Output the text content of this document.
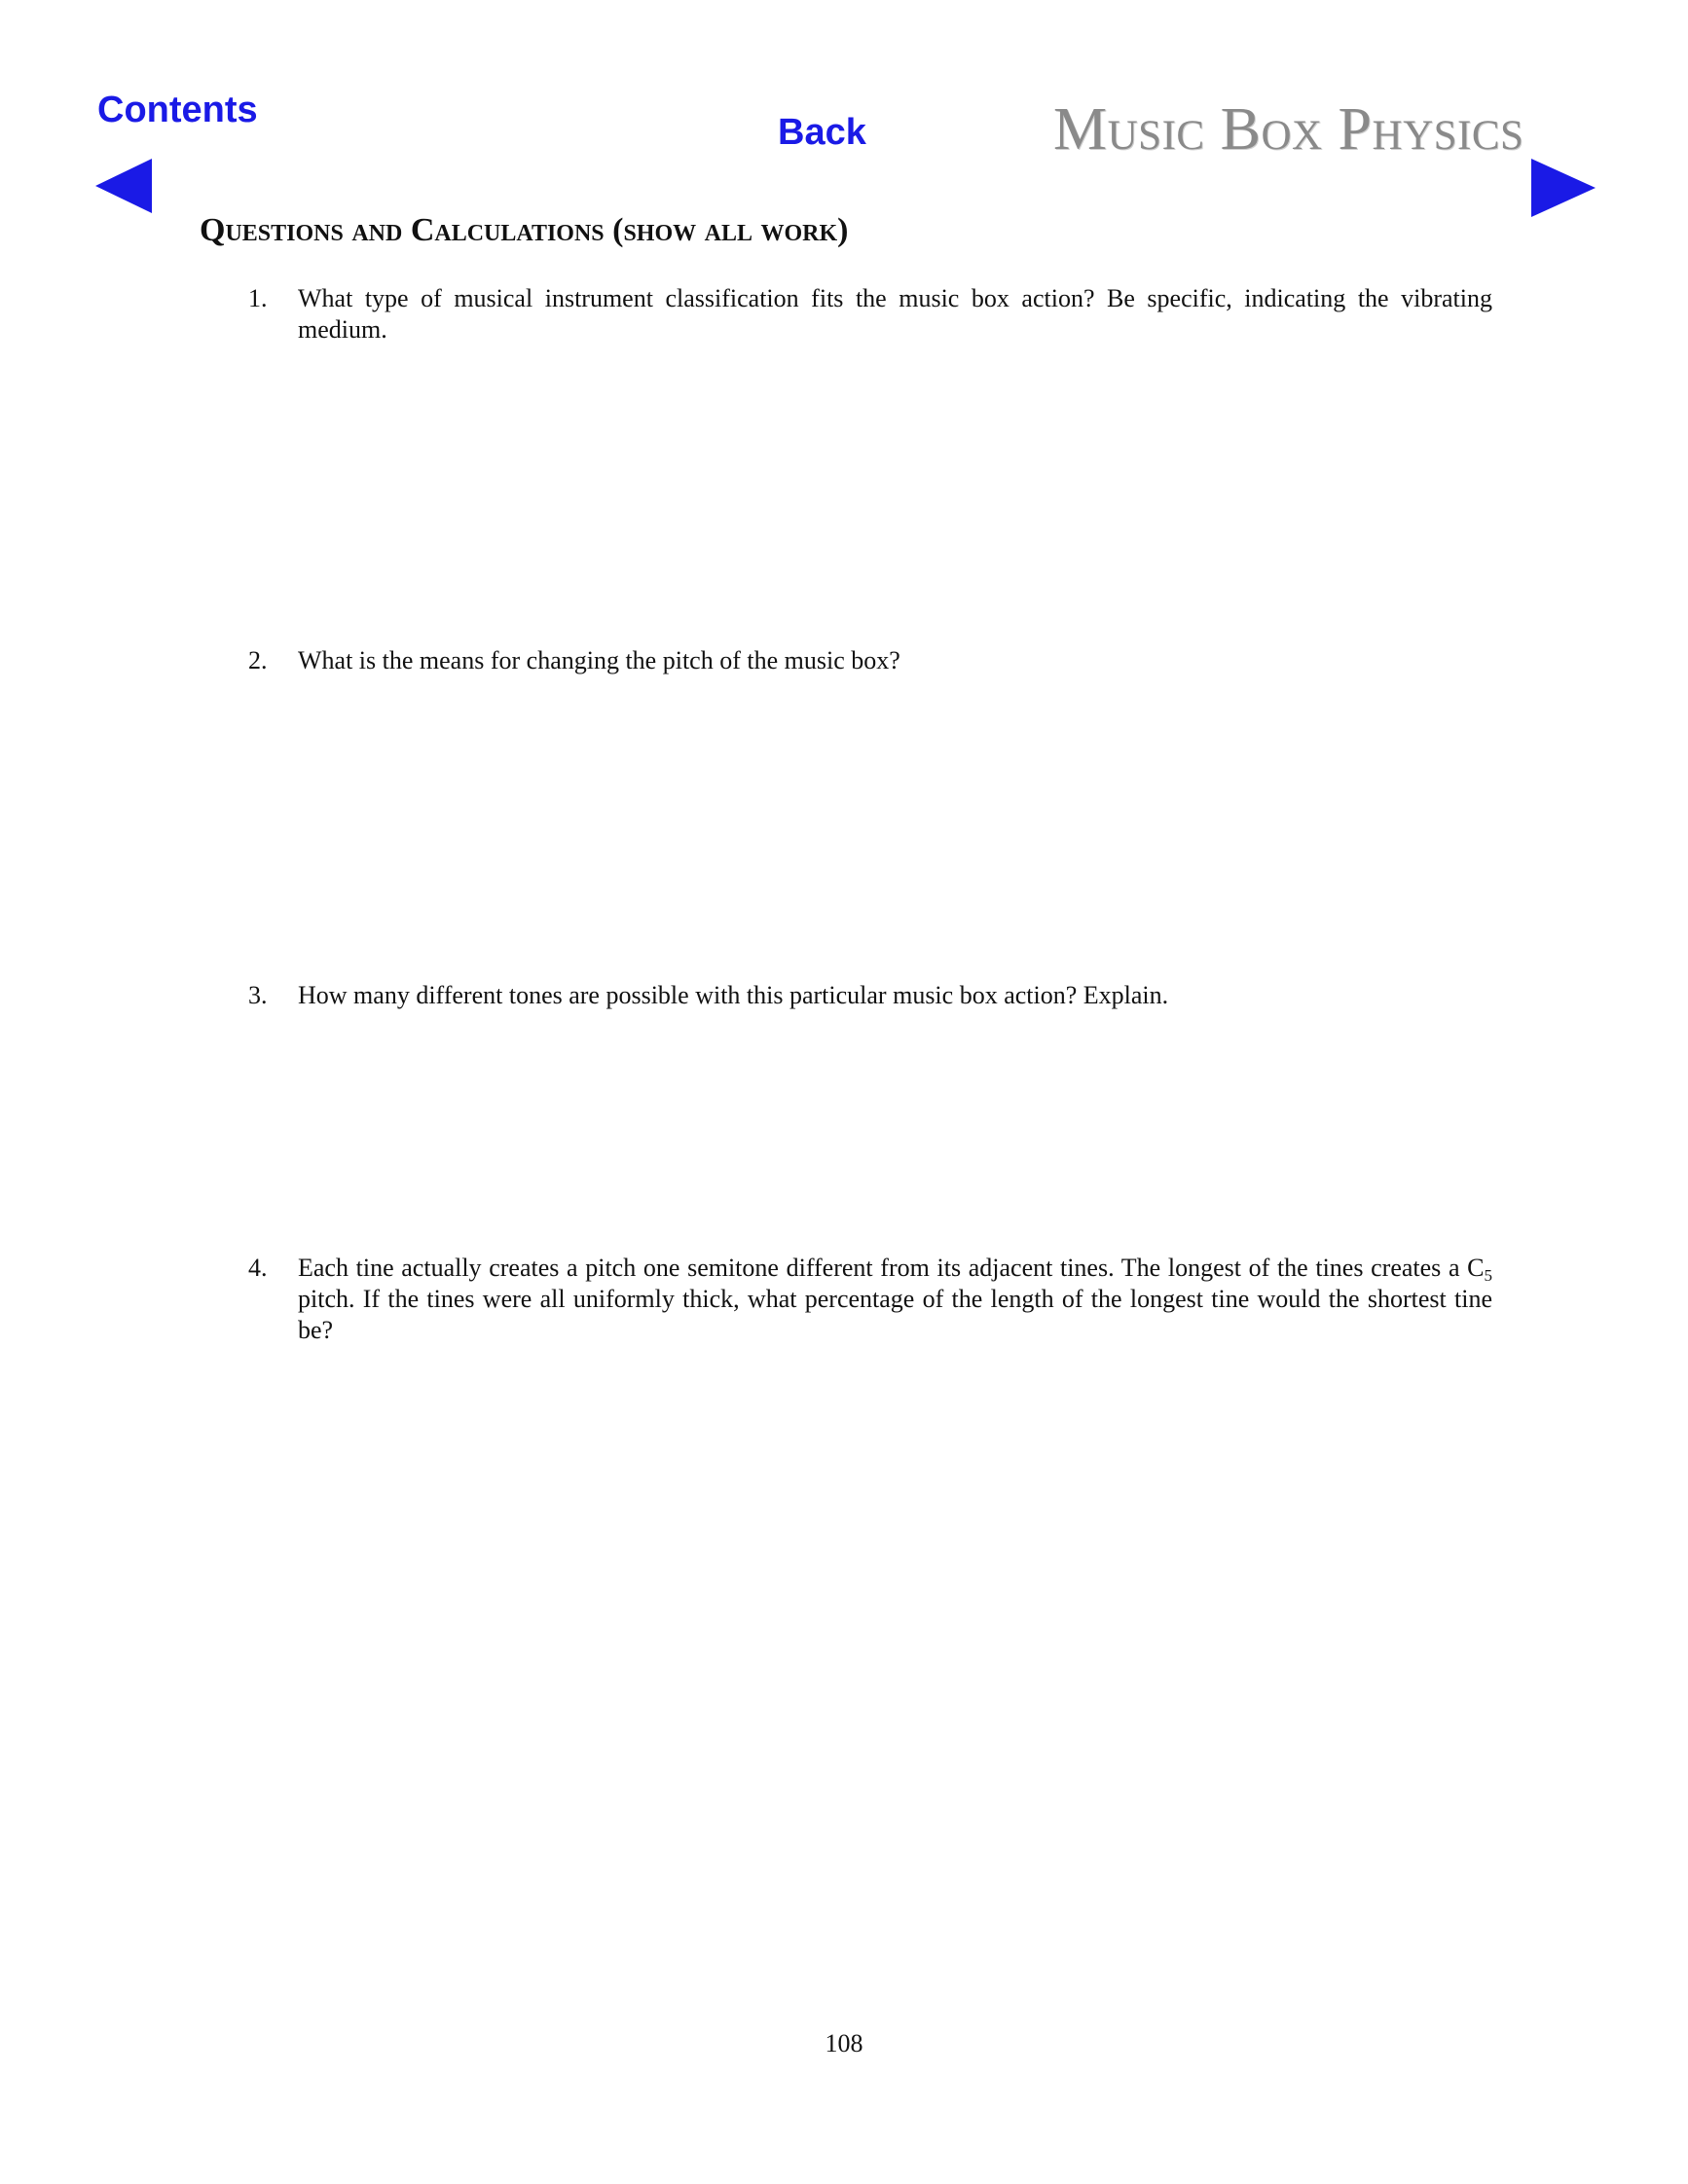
Contents
Back	Music Box Physics
Questions and Calculations (show all work)
1.	What type of musical instrument classification fits the music box action? Be specific, indicating the vibrating medium.
2.	What is the means for changing the pitch of the music box?
3.	How many different tones are possible with this particular music box action? Explain.
4.	Each tine actually creates a pitch one semitone different from its adjacent tines. The longest of the tines creates a $C_5$ pitch. If the tines were all uniformly thick, what percentage of the length of the longest tine would the shortest tine be?
108
